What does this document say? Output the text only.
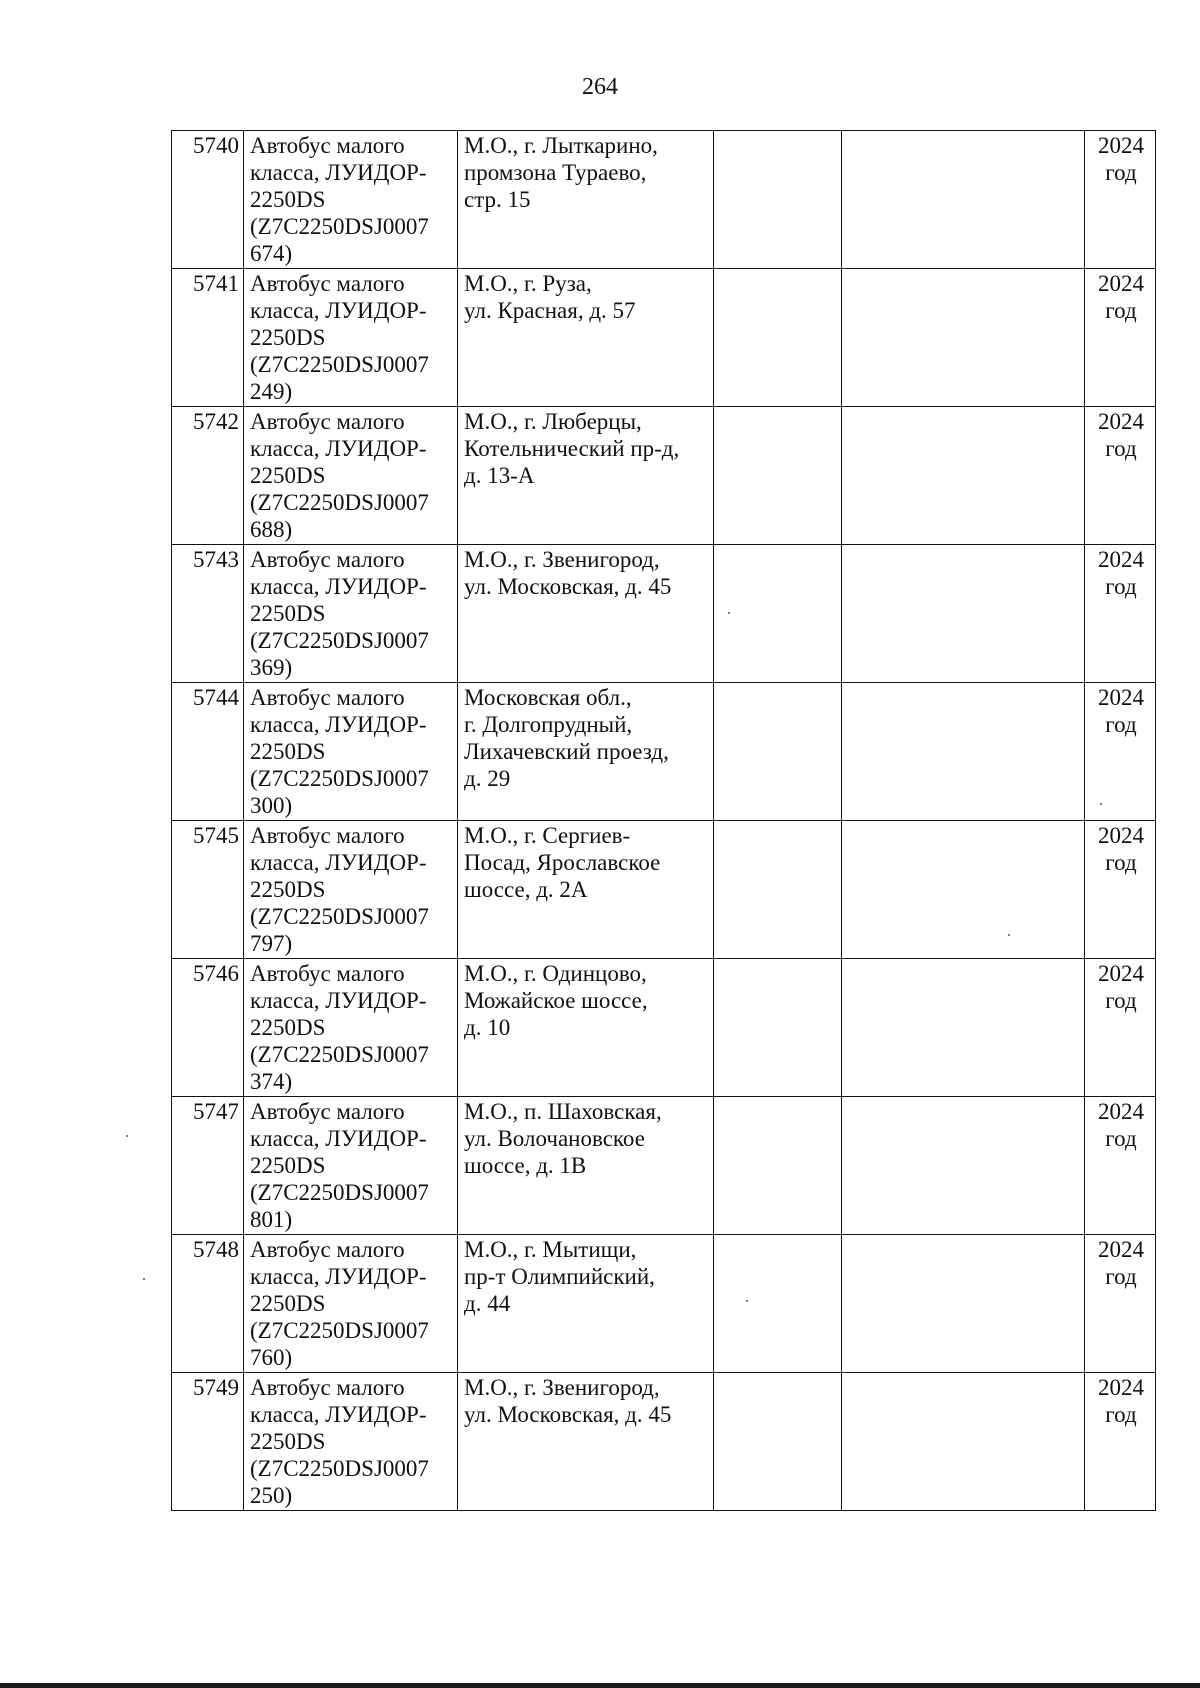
264
5740	Автобус малого
класса, ЛУИДОР-
2250DS
(Z7C2250DSJ0007
674)	М.О., г. Лыткарино,
промзона Тураево,
стр. 15			2024
год
5741	Автобус малого
класса, ЛУИДОР-
2250DS
(Z7C2250DSJ0007
249)	М.О., г. Руза,
ул. Красная, д. 57			2024
год
5742	Автобус малого
класса, ЛУИДОР-
2250DS
(Z7C2250DSJ0007
688)	М.О., г. Люберцы,
Котельнический пр-д,
д. 13-А			2024
год
5743	Автобус малого
класса, ЛУИДОР-
2250DS
(Z7C2250DSJ0007
369)	М.О., г. Звенигород,
ул. Московская, д. 45			2024
год
5744	Автобус малого
класса, ЛУИДОР-
2250DS
(Z7C2250DSJ0007
300)	Московская обл.,
г. Долгопрудный,
Лихачевский проезд,
д. 29			2024
год
5745	Автобус малого
класса, ЛУИДОР-
2250DS
(Z7C2250DSJ0007
797)	М.О., г. Сергиев-
Посад, Ярославское
шоссе, д. 2А			2024
год
5746	Автобус малого
класса, ЛУИДОР-
2250DS
(Z7C2250DSJ0007
374)	М.О., г. Одинцово,
Можайское шоссе,
д. 10			2024
год
5747	Автобус малого
класса, ЛУИДОР-
2250DS
(Z7C2250DSJ0007
801)	М.О., п. Шаховская,
ул. Волочановское
шоссе, д. 1В			2024
год
5748	Автобус малого
класса, ЛУИДОР-
2250DS
(Z7C2250DSJ0007
760)	М.О., г. Мытищи,
пр-т Олимпийский,
д. 44			2024
год
5749	Автобус малого
класса, ЛУИДОР-
2250DS
(Z7C2250DSJ0007
250)	М.О., г. Звенигород,
ул. Московская, д. 45			2024
год
